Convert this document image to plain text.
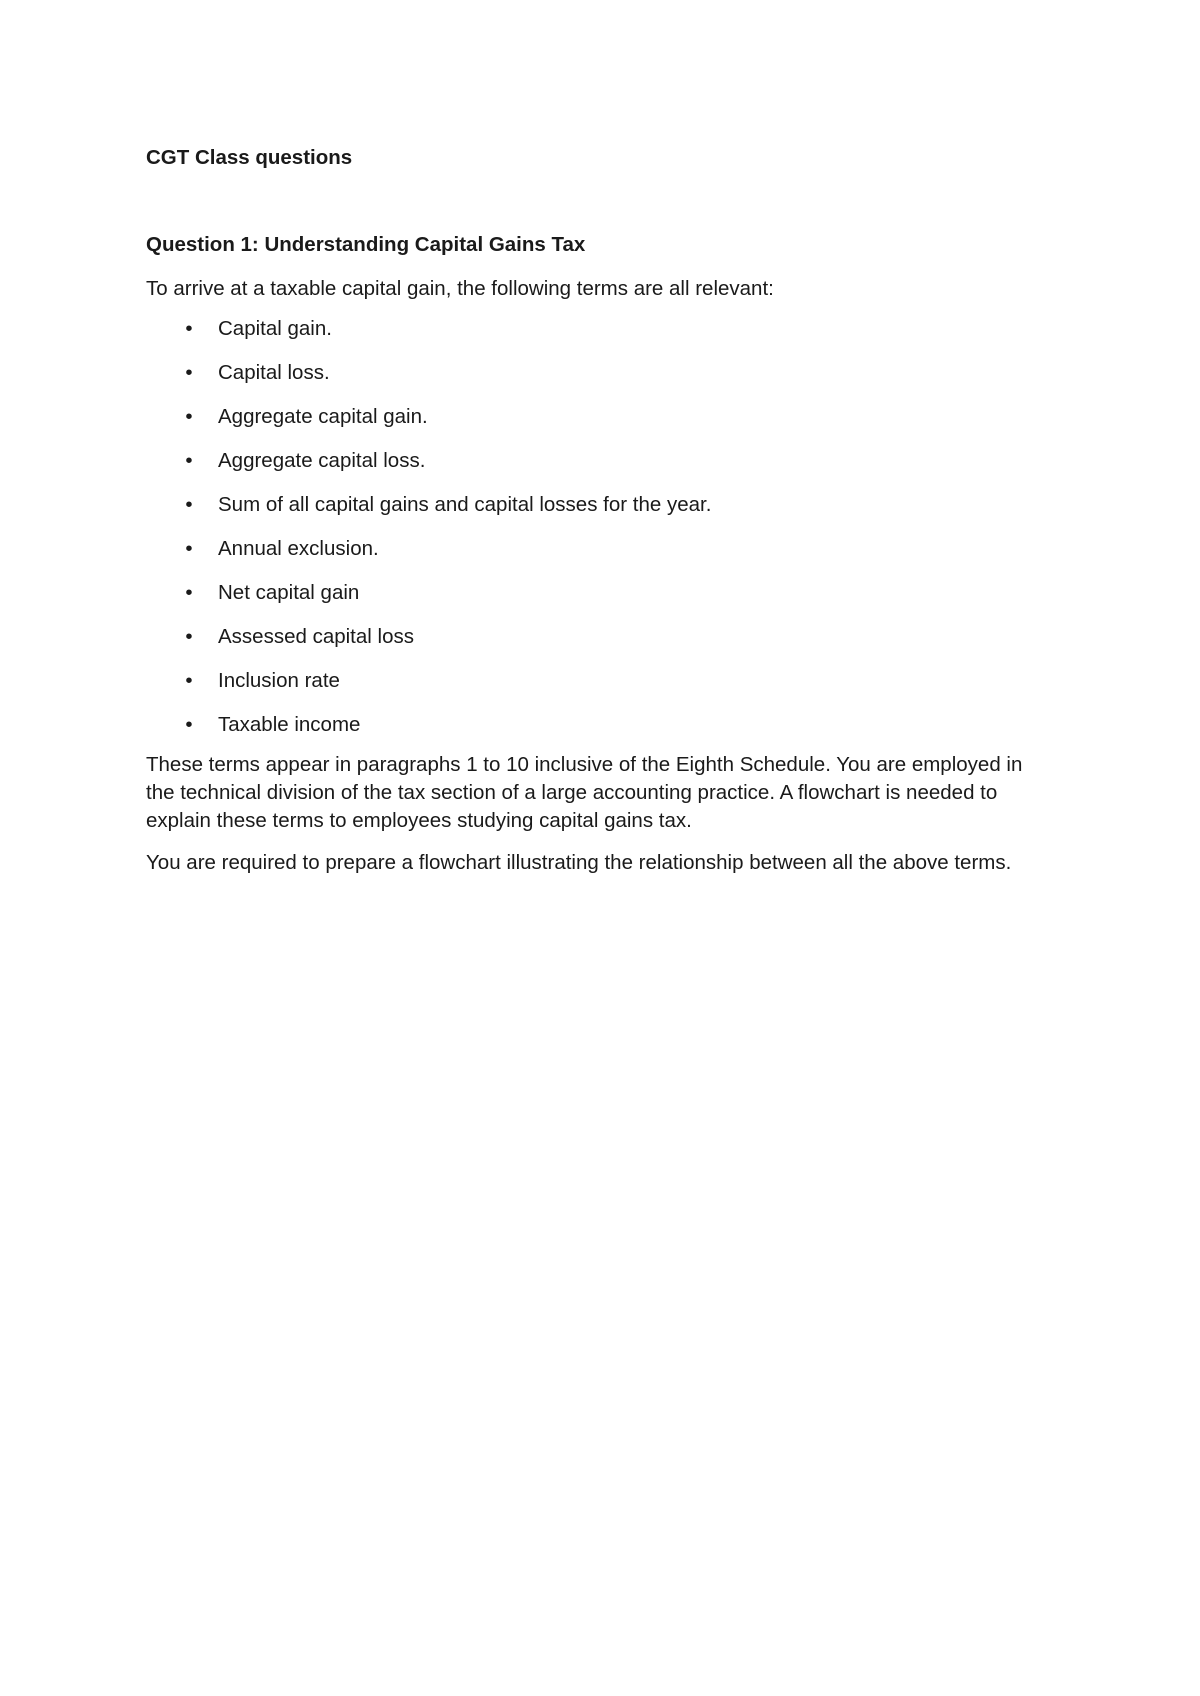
CGT Class questions
Question 1: Understanding Capital Gains Tax

To arrive at a taxable capital gain, the following terms are all relevant:

• Capital gain.
• Capital loss.
• Aggregate capital gain.
• Aggregate capital loss.
• Sum of all capital gains and capital losses for the year.
• Annual exclusion.
• Net capital gain
• Assessed capital loss
• Inclusion rate
• Taxable income

These terms appear in paragraphs 1 to 10 inclusive of the Eighth Schedule. You are employed in the technical division of the tax section of a large accounting practice. A flowchart is needed to explain these terms to employees studying capital gains tax.

You are required to prepare a flowchart illustrating the relationship between all the above terms.
